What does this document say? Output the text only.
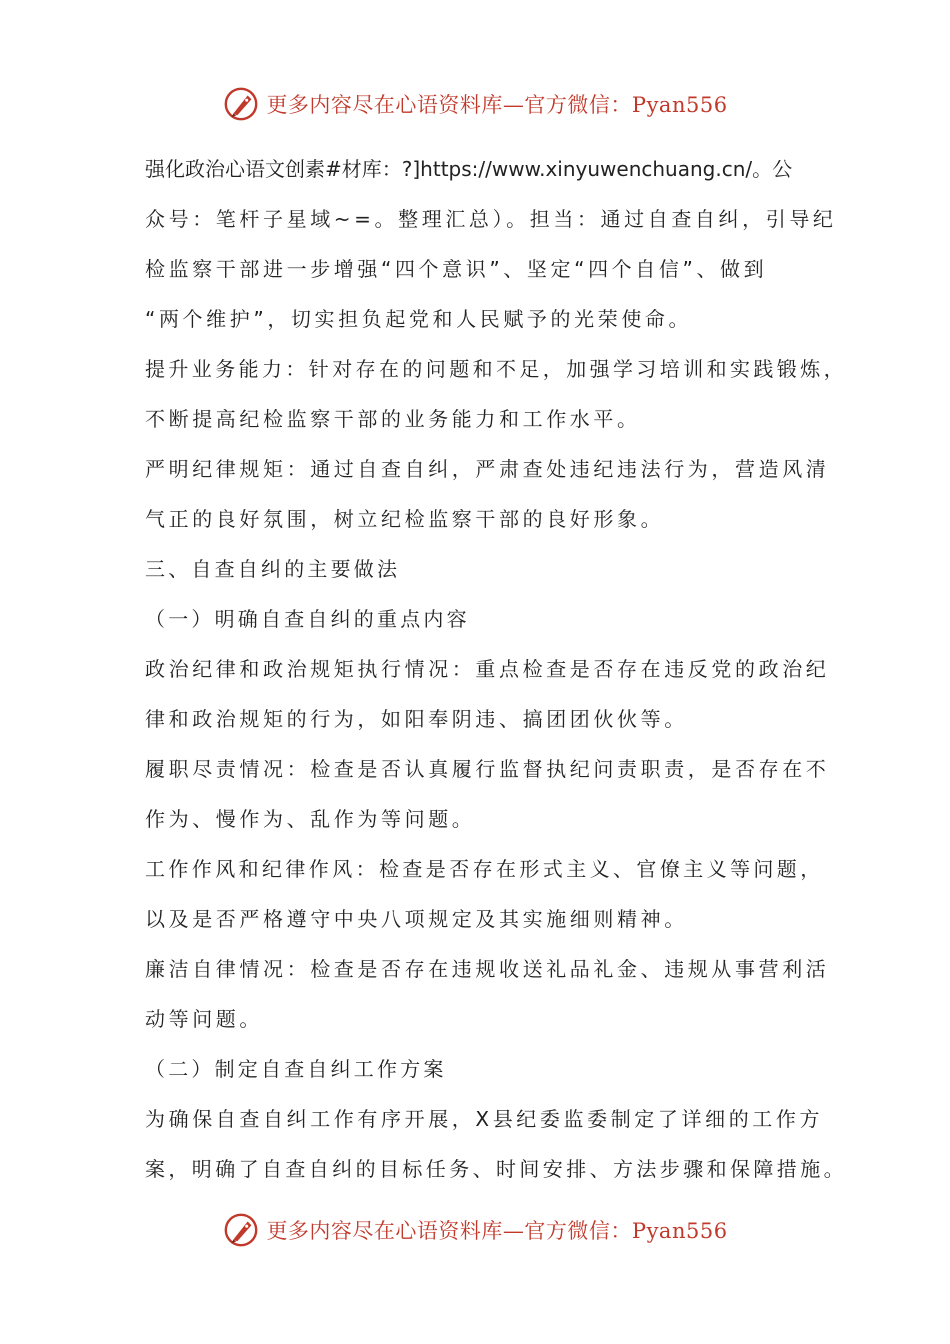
更多内容尽在心语资料库—官方微信：Pyan556
强化政治心语文创素#材库：?]https://www.xinyuwenchuang.cn/。公
众号：笔杆子星域~=。整理汇总）。担当：通过自查自纠，引导纪
检监察干部进一步增强“四个意识”、坚定“四个自信”、做到
“两个维护”，切实担负起党和人民赋予的光荣使命。
提升业务能力：针对存在的问题和不足，加强学习培训和实践锻炼，
不断提高纪检监察干部的业务能力和工作水平。
严明纪律规矩：通过自查自纠，严肃查处违纪违法行为，营造风清
气正的良好氛围，树立纪检监察干部的良好形象。
三、自查自纠的主要做法
（一）明确自查自纠的重点内容
政治纪律和政治规矩执行情况：重点检查是否存在违反党的政治纪
律和政治规矩的行为，如阳奉阴违、搞团团伙伙等。
履职尽责情况：检查是否认真履行监督执纪问责职责，是否存在不
作为、慢作为、乱作为等问题。
工作作风和纪律作风：检查是否存在形式主义、官僚主义等问题，
以及是否严格遵守中央八项规定及其实施细则精神。
廉洁自律情况：检查是否存在违规收送礼品礼金、违规从事营利活
动等问题。
（二）制定自查自纠工作方案
为确保自查自纠工作有序开展，X县纪委监委制定了详细的工作方
案，明确了自查自纠的目标任务、时间安排、方法步骤和保障措施。
更多内容尽在心语资料库—官方微信：Pyan556
